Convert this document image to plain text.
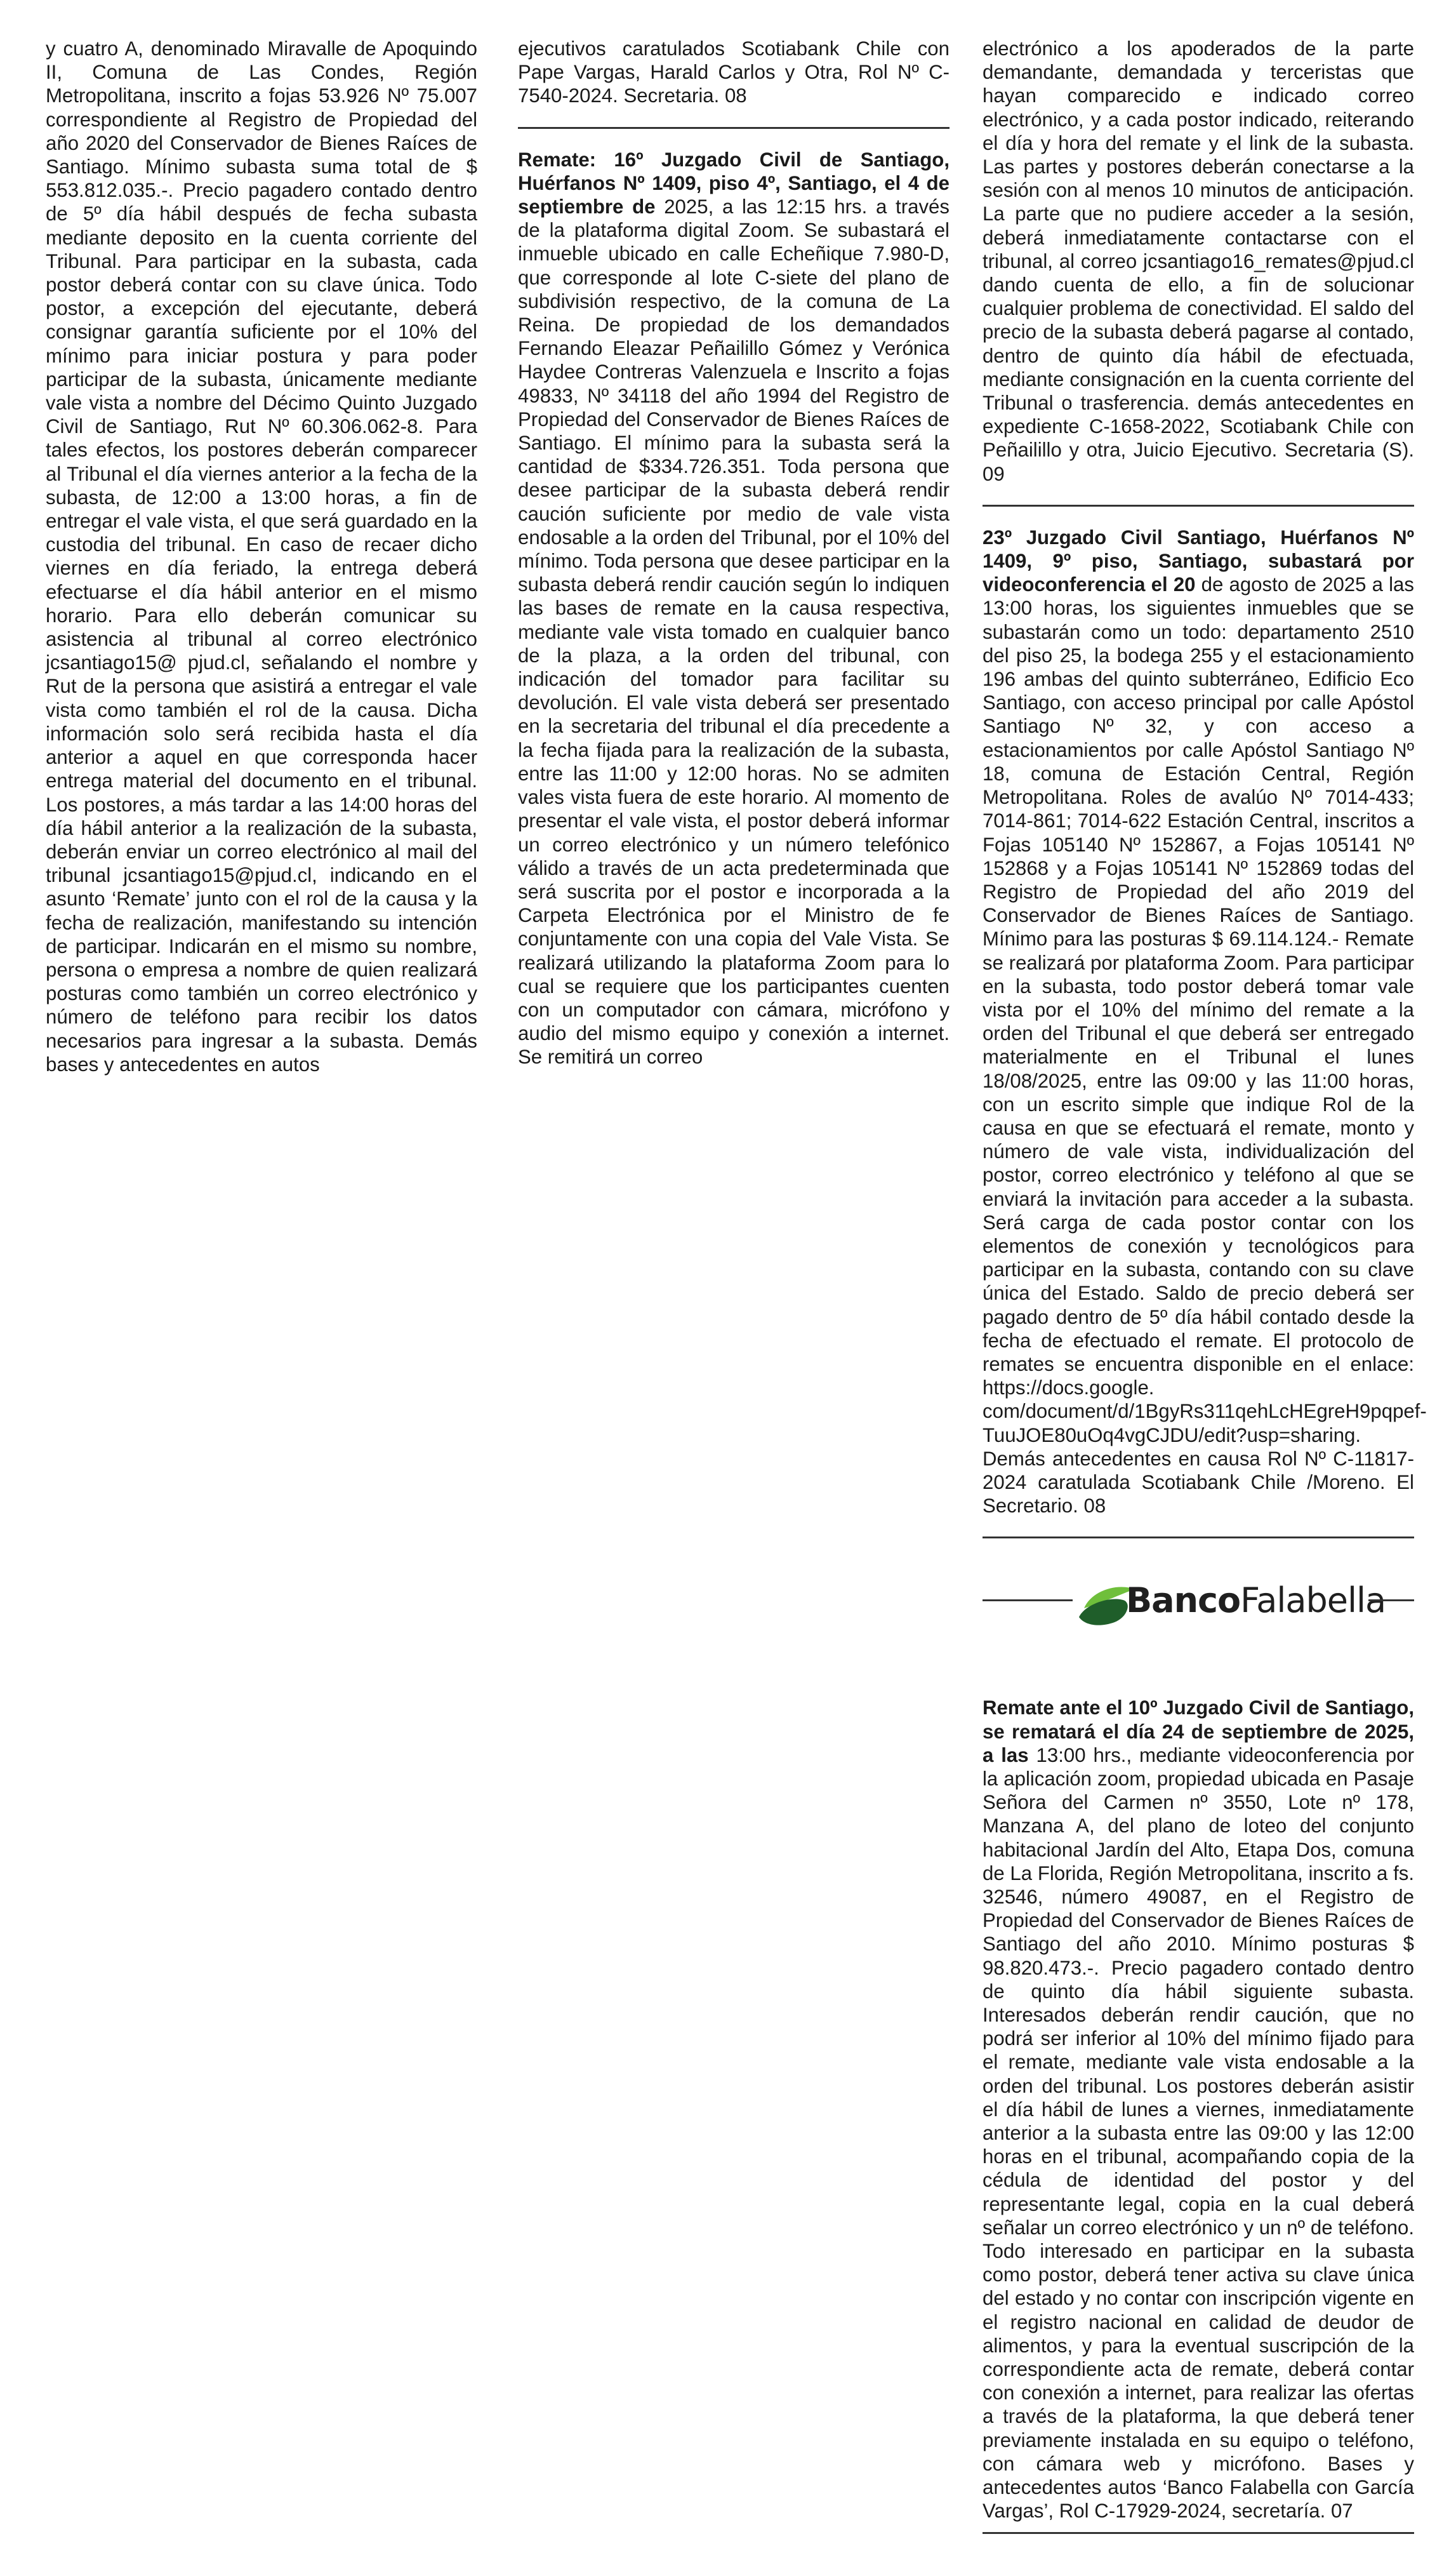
y cuatro A, denominado Miravalle de Apoquindo II, Comuna de Las Condes, Región Metropolitana, inscrito a fojas 53.926 Nº 75.007 correspondiente al Registro de Propiedad del año 2020 del Conservador de Bienes Raíces de Santiago. Mínimo subasta suma total de $ 553.812.035.-. Precio pagadero contado dentro de 5º día hábil después de fecha subasta mediante deposito en la cuenta corriente del Tribunal. Para participar en la subasta, cada postor deberá contar con su clave única. Todo postor, a excepción del ejecutante, deberá consignar garantía suficiente por el 10% del mínimo para iniciar postura y para poder participar de la subasta, únicamente mediante vale vista a nombre del Décimo Quinto Juzgado Civil de Santiago, Rut Nº 60.306.062-8. Para tales efectos, los postores deberán comparecer al Tribunal el día viernes anterior a la fecha de la subasta, de 12:00 a 13:00 horas, a fin de entregar el vale vista, el que será guardado en la custodia del tribunal. En caso de recaer dicho viernes en día feriado, la entrega deberá efectuarse el día hábil anterior en el mismo horario. Para ello deberán comunicar su asistencia al tribunal al correo electrónico jcsantiago15@ pjud.cl, señalando el nombre y Rut de la persona que asistirá a entregar el vale vista como también el rol de la causa. Dicha información solo será recibida hasta el día anterior a aquel en que corresponda hacer entrega material del documento en el tribunal. Los postores, a más tardar a las 14:00 horas del día hábil anterior a la realización de la subasta, deberán enviar un correo electrónico al mail del tribunal jcsantiago15@pjud.cl, indicando en el asunto ‘Remate’ junto con el rol de la causa y la fecha de realización, manifestando su intención de participar. Indicarán en el mismo su nombre, persona o empresa a nombre de quien realizará posturas como también un correo electrónico y número de teléfono para recibir los datos necesarios para ingresar a la subasta. Demás bases y antecedentes en autos

ejecutivos caratulados Scotiabank Chile con Pape Vargas, Harald Carlos y Otra, Rol Nº C-7540-2024. Secretaria. 08

Remate: 16º Juzgado Civil de Santiago, Huérfanos Nº 1409, piso 4º, Santiago, el 4 de septiembre de 2025, a las 12:15 hrs. a través de la plataforma digital Zoom. Se subastará el inmueble ubicado en calle Echeñique 7.980-D, que corresponde al lote C-siete del plano de subdivisión respectivo, de la comuna de La Reina. De propiedad de los demandados Fernando Eleazar Peñailillo Gómez y Verónica Haydee Contreras Valenzuela e Inscrito a fojas 49833, Nº 34118 del año 1994 del Registro de Propiedad del Conservador de Bienes Raíces de Santiago. El mínimo para la subasta será la cantidad de $334.726.351. Toda persona que desee participar de la subasta deberá rendir caución suficiente por medio de vale vista endosable a la orden del Tribunal, por el 10% del mínimo. Toda persona que desee participar en la subasta deberá rendir caución según lo indiquen las bases de remate en la causa respectiva, mediante vale vista tomado en cualquier banco de la plaza, a la orden del tribunal, con indicación del tomador para facilitar su devolución. El vale vista deberá ser presentado en la secretaria del tribunal el día precedente a la fecha fijada para la realización de la subasta, entre las 11:00 y 12:00 horas. No se admiten vales vista fuera de este horario. Al momento de presentar el vale vista, el postor deberá informar un correo electrónico y un número telefónico válido a través de un acta predeterminada que será suscrita por el postor e incorporada a la Carpeta Electrónica por el Ministro de fe conjuntamente con una copia del Vale Vista. Se realizará utilizando la plataforma Zoom para lo cual se requiere que los participantes cuenten con un computador con cámara, micrófono y audio del mismo equipo y conexión a internet. Se remitirá un correo

electrónico a los apoderados de la parte demandante, demandada y terceristas que hayan comparecido e indicado correo electrónico, y a cada postor indicado, reiterando el día y hora del remate y el link de la subasta. Las partes y postores deberán conectarse a la sesión con al menos 10 minutos de anticipación. La parte que no pudiere acceder a la sesión, deberá inmediatamente contactarse con el tribunal, al correo jcsantiago16_remates@pjud.cl dando cuenta de ello, a fin de solucionar cualquier problema de conectividad. El saldo del precio de la subasta deberá pagarse al contado, dentro de quinto día hábil de efectuada, mediante consignación en la cuenta corriente del Tribunal o trasferencia. demás antecedentes en expediente C-1658-2022, Scotiabank Chile con Peñailillo y otra, Juicio Ejecutivo. Secretaria (S). 09

23º Juzgado Civil Santiago, Huérfanos Nº 1409, 9º piso, Santiago, subastará por videoconferencia el 20 de agosto de 2025 a las 13:00 horas, los siguientes inmuebles que se subastarán como un todo: departamento 2510 del piso 25, la bodega 255 y el estacionamiento 196 ambas del quinto subterráneo, Edificio Eco Santiago, con acceso principal por calle Apóstol Santiago Nº 32, y con acceso a estacionamientos por calle Apóstol Santiago Nº 18, comuna de Estación Central, Región Metropolitana. Roles de avalúo Nº 7014-433; 7014-861; 7014-622 Estación Central, inscritos a Fojas 105140 Nº 152867, a Fojas 105141 Nº 152868 y a Fojas 105141 Nº 152869 todas del Registro de Propiedad del año 2019 del Conservador de Bienes Raíces de Santiago. Mínimo para las posturas $ 69.114.124.- Remate se realizará por plataforma Zoom. Para participar en la subasta, todo postor deberá tomar vale vista por el 10% del mínimo del remate a la orden del Tribunal el que deberá ser entregado materialmente en el Tribunal el lunes 18/08/2025, entre las 09:00 y las 11:00 horas, con un escrito simple que indique Rol de la causa en que se efectuará el remate, monto y número de vale vista, individualización del postor, correo electrónico y teléfono al que se enviará la invitación para acceder a la subasta. Será carga de cada postor contar con los elementos de conexión y tecnológicos para participar en la subasta, contando con su clave única del Estado. Saldo de precio deberá ser pagado dentro de 5º día hábil contado desde la fecha de efectuado el remate. El protocolo de remates se encuentra disponible en el enlace: https://docs.google. com/document/d/1BgyRs311qehLcHEgreH9pqpef-TuuJOE80uOq4vgCJDU/edit?usp=sharing. Demás antecedentes en causa Rol Nº C-11817-2024 caratulada Scotiabank Chile /Moreno. El Secretario. 08

BancoFalabella

Remate ante el 10º Juzgado Civil de Santiago, se rematará el día 24 de septiembre de 2025, a las 13:00 hrs., mediante videoconferencia por la aplicación zoom, propiedad ubicada en Pasaje Señora del Carmen nº 3550, Lote nº 178, Manzana A, del plano de loteo del conjunto habitacional Jardín del Alto, Etapa Dos, comuna de La Florida, Región Metropolitana, inscrito a fs. 32546, número 49087, en el Registro de Propiedad del Conservador de Bienes Raíces de Santiago del año 2010. Mínimo posturas $ 98.820.473.-. Precio pagadero contado dentro de quinto día hábil siguiente subasta. Interesados deberán rendir caución, que no podrá ser inferior al 10% del mínimo fijado para el remate, mediante vale vista endosable a la orden del tribunal. Los postores deberán asistir el día hábil de lunes a viernes, inmediatamente anterior a la subasta entre las 09:00 y las 12:00 horas en el tribunal, acompañando copia de la cédula de identidad del postor y del representante legal, copia en la cual deberá señalar un correo electrónico y un nº de teléfono. Todo interesado en participar en la subasta como postor, deberá tener activa su clave única del estado y no contar con inscripción vigente en el registro nacional en calidad de deudor de alimentos, y para la eventual suscripción de la correspondiente acta de remate, deberá contar con conexión a internet, para realizar las ofertas a través de la plataforma, la que deberá tener previamente instalada en su equipo o teléfono, con cámara web y micrófono. Bases y antecedentes autos ‘Banco Falabella con García Vargas’, Rol C-17929-2024, secretaría. 07
